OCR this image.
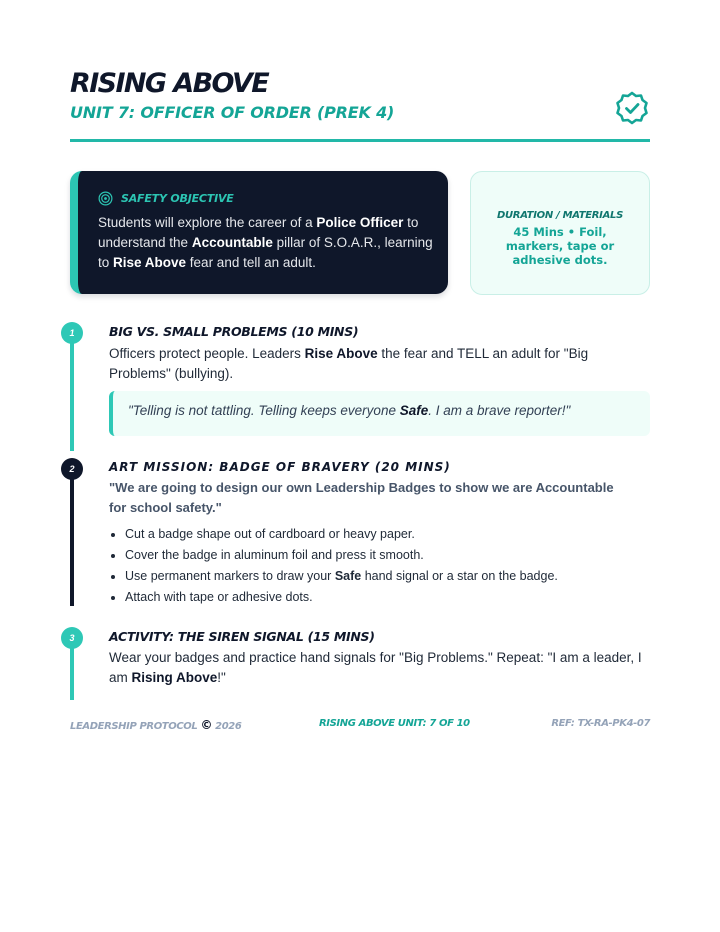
RISING ABOVE
UNIT 7: OFFICER OF ORDER (PREK 4)
SAFETY OBJECTIVE
Students will explore the career of a Police Officer to understand the Accountable pillar of S.O.A.R., learning to Rise Above fear and tell an adult.
DURATION / MATERIALS
45 Mins • Foil, markers, tape or adhesive dots.
1	BIG VS. SMALL PROBLEMS (10 MINS)
Officers protect people. Leaders Rise Above the fear and TELL an adult for "Big Problems" (bullying).
"Telling is not tattling. Telling keeps everyone Safe. I am a brave reporter!"
2	ART MISSION: BADGE OF BRAVERY (20 MINS)
"We are going to design our own Leadership Badges to show we are Accountable for school safety."
• Cut a badge shape out of cardboard or heavy paper.
• Cover the badge in aluminum foil and press it smooth.
• Use permanent markers to draw your Safe hand signal or a star on the badge.
• Attach with tape or adhesive dots.
3	ACTIVITY: THE SIREN SIGNAL (15 MINS)
Wear your badges and practice hand signals for "Big Problems." Repeat: "I am a leader, I am Rising Above!"
LEADERSHIP PROTOCOL © 2026	RISING ABOVE UNIT: 7 OF 10	REF: TX-RA-PK4-07
